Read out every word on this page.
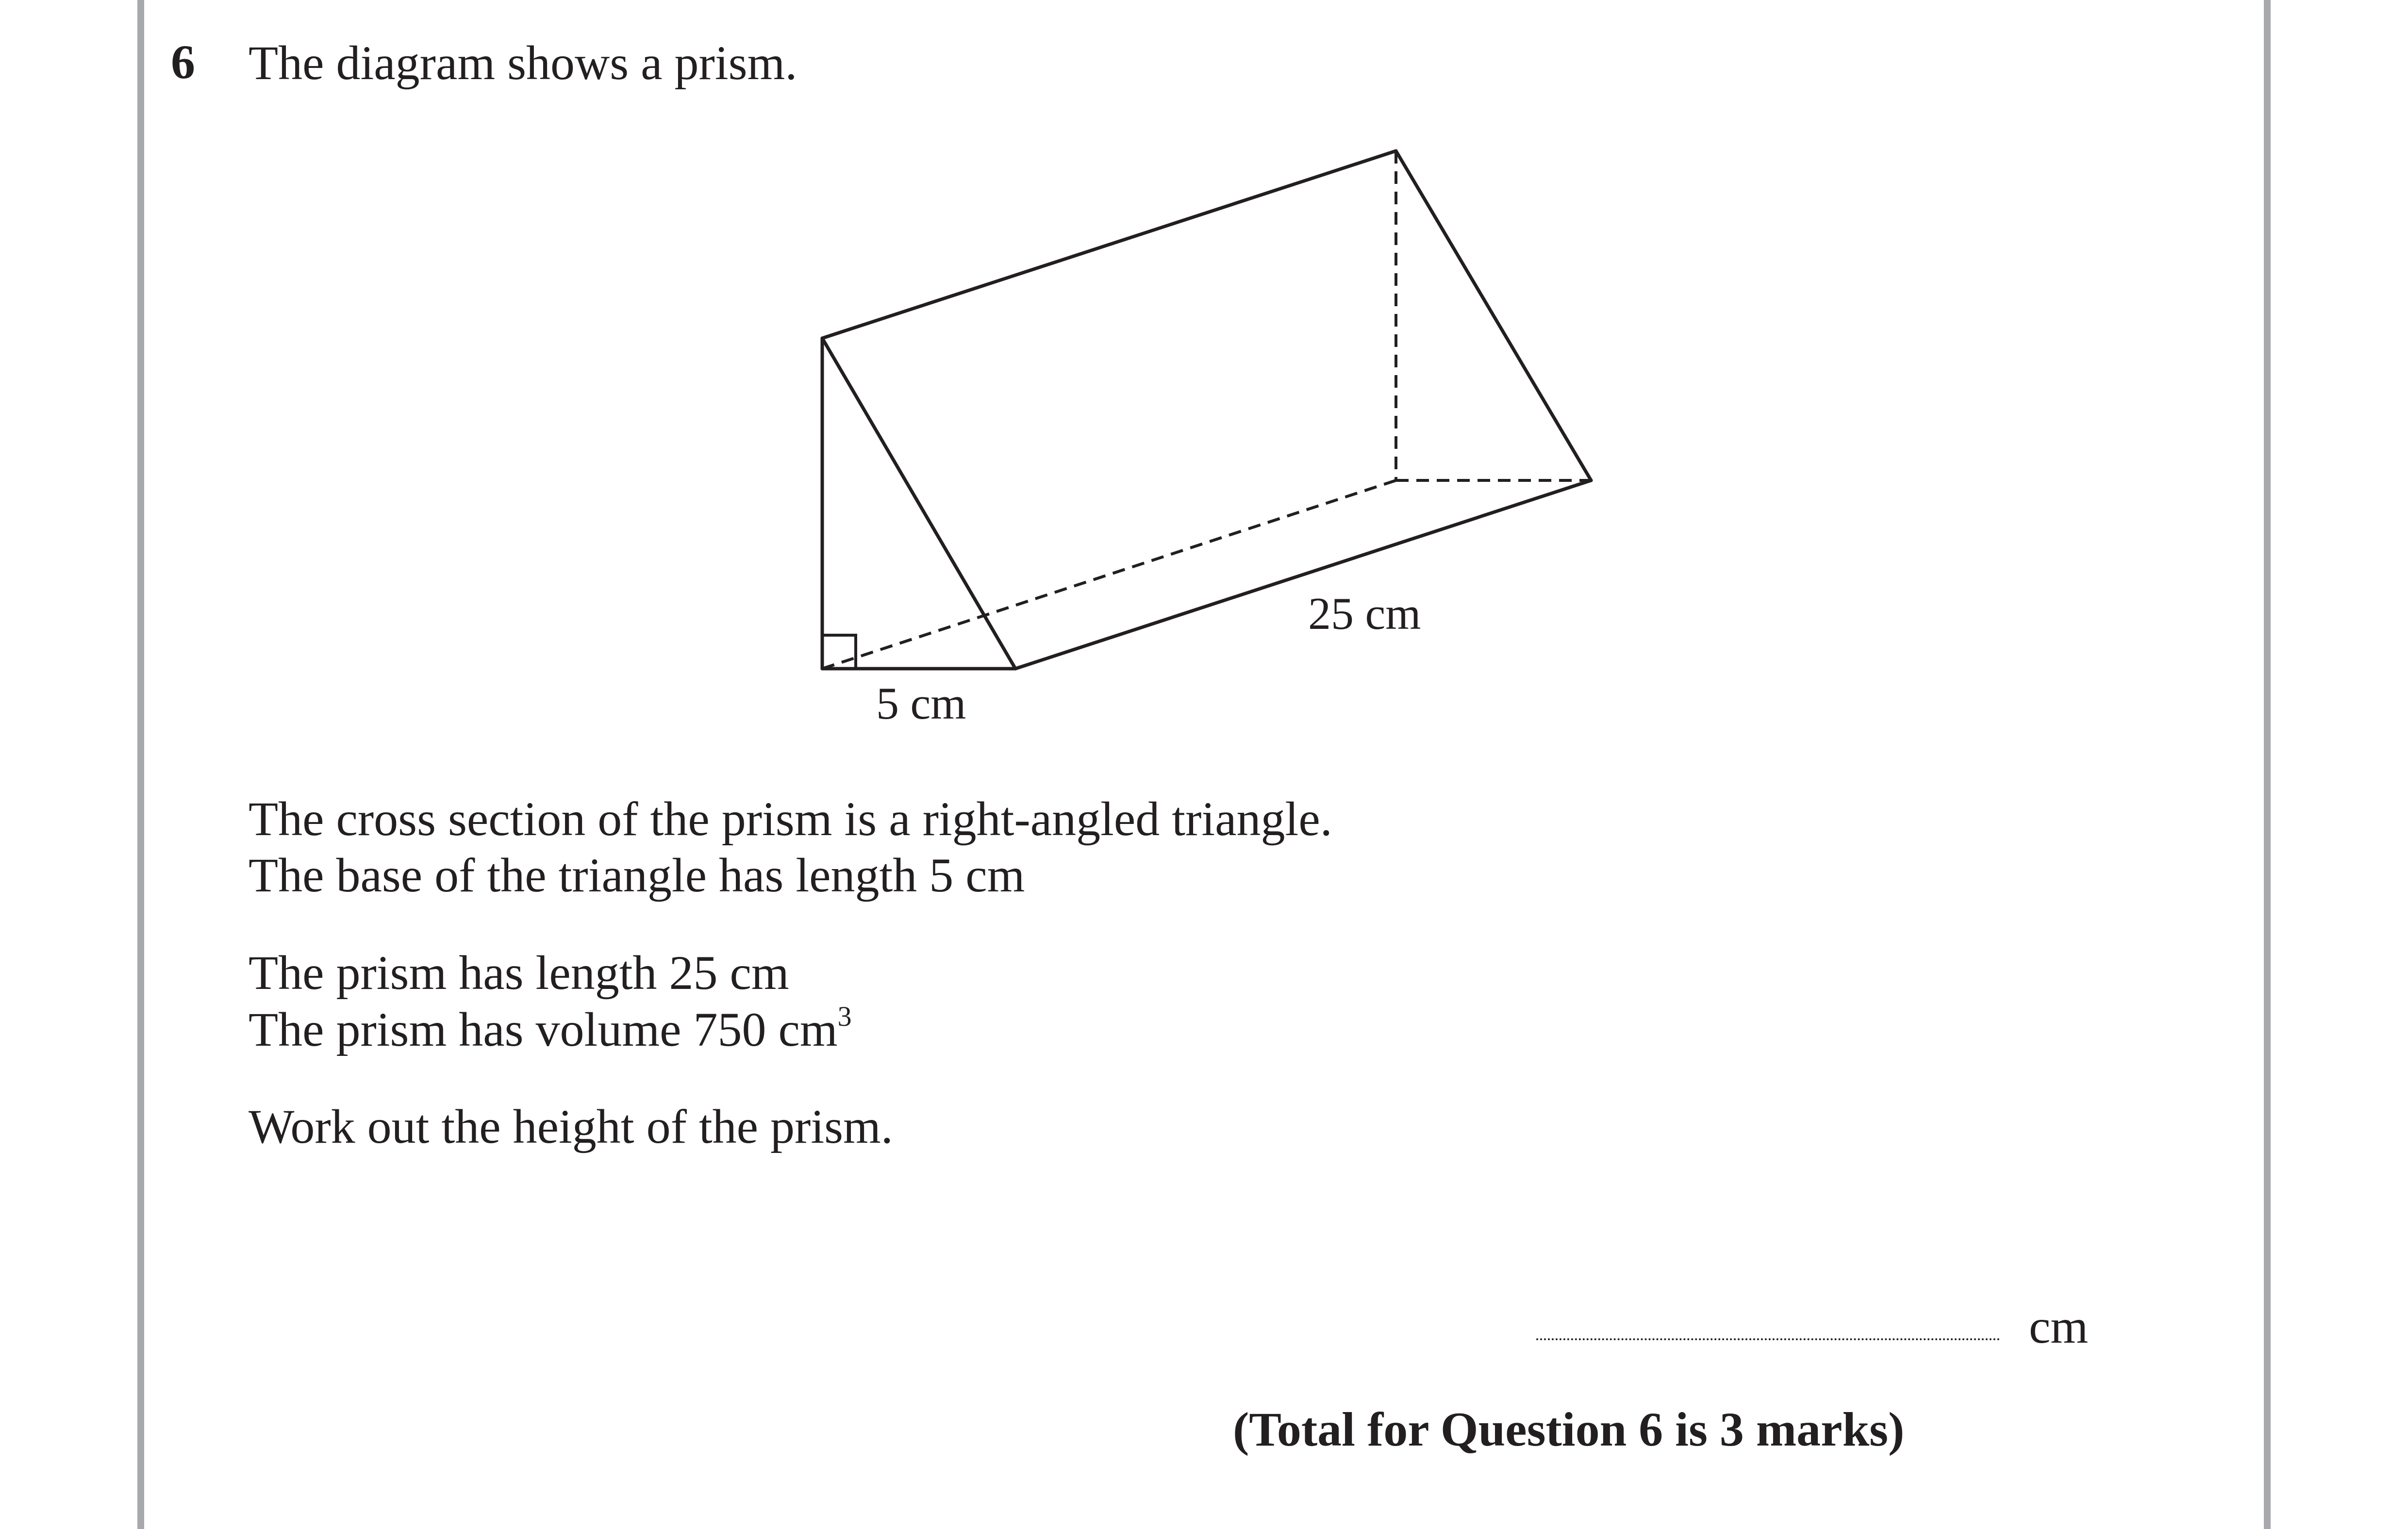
6 The diagram shows a prism.
25 cm
5 cm
The cross section of the prism is a right-angled triangle.
The base of the triangle has length 5 cm
The prism has length 25 cm
The prism has volume 750 $cm^3$
Work out the height of the prism.
cm
(Total for Question 6 is 3 marks)
